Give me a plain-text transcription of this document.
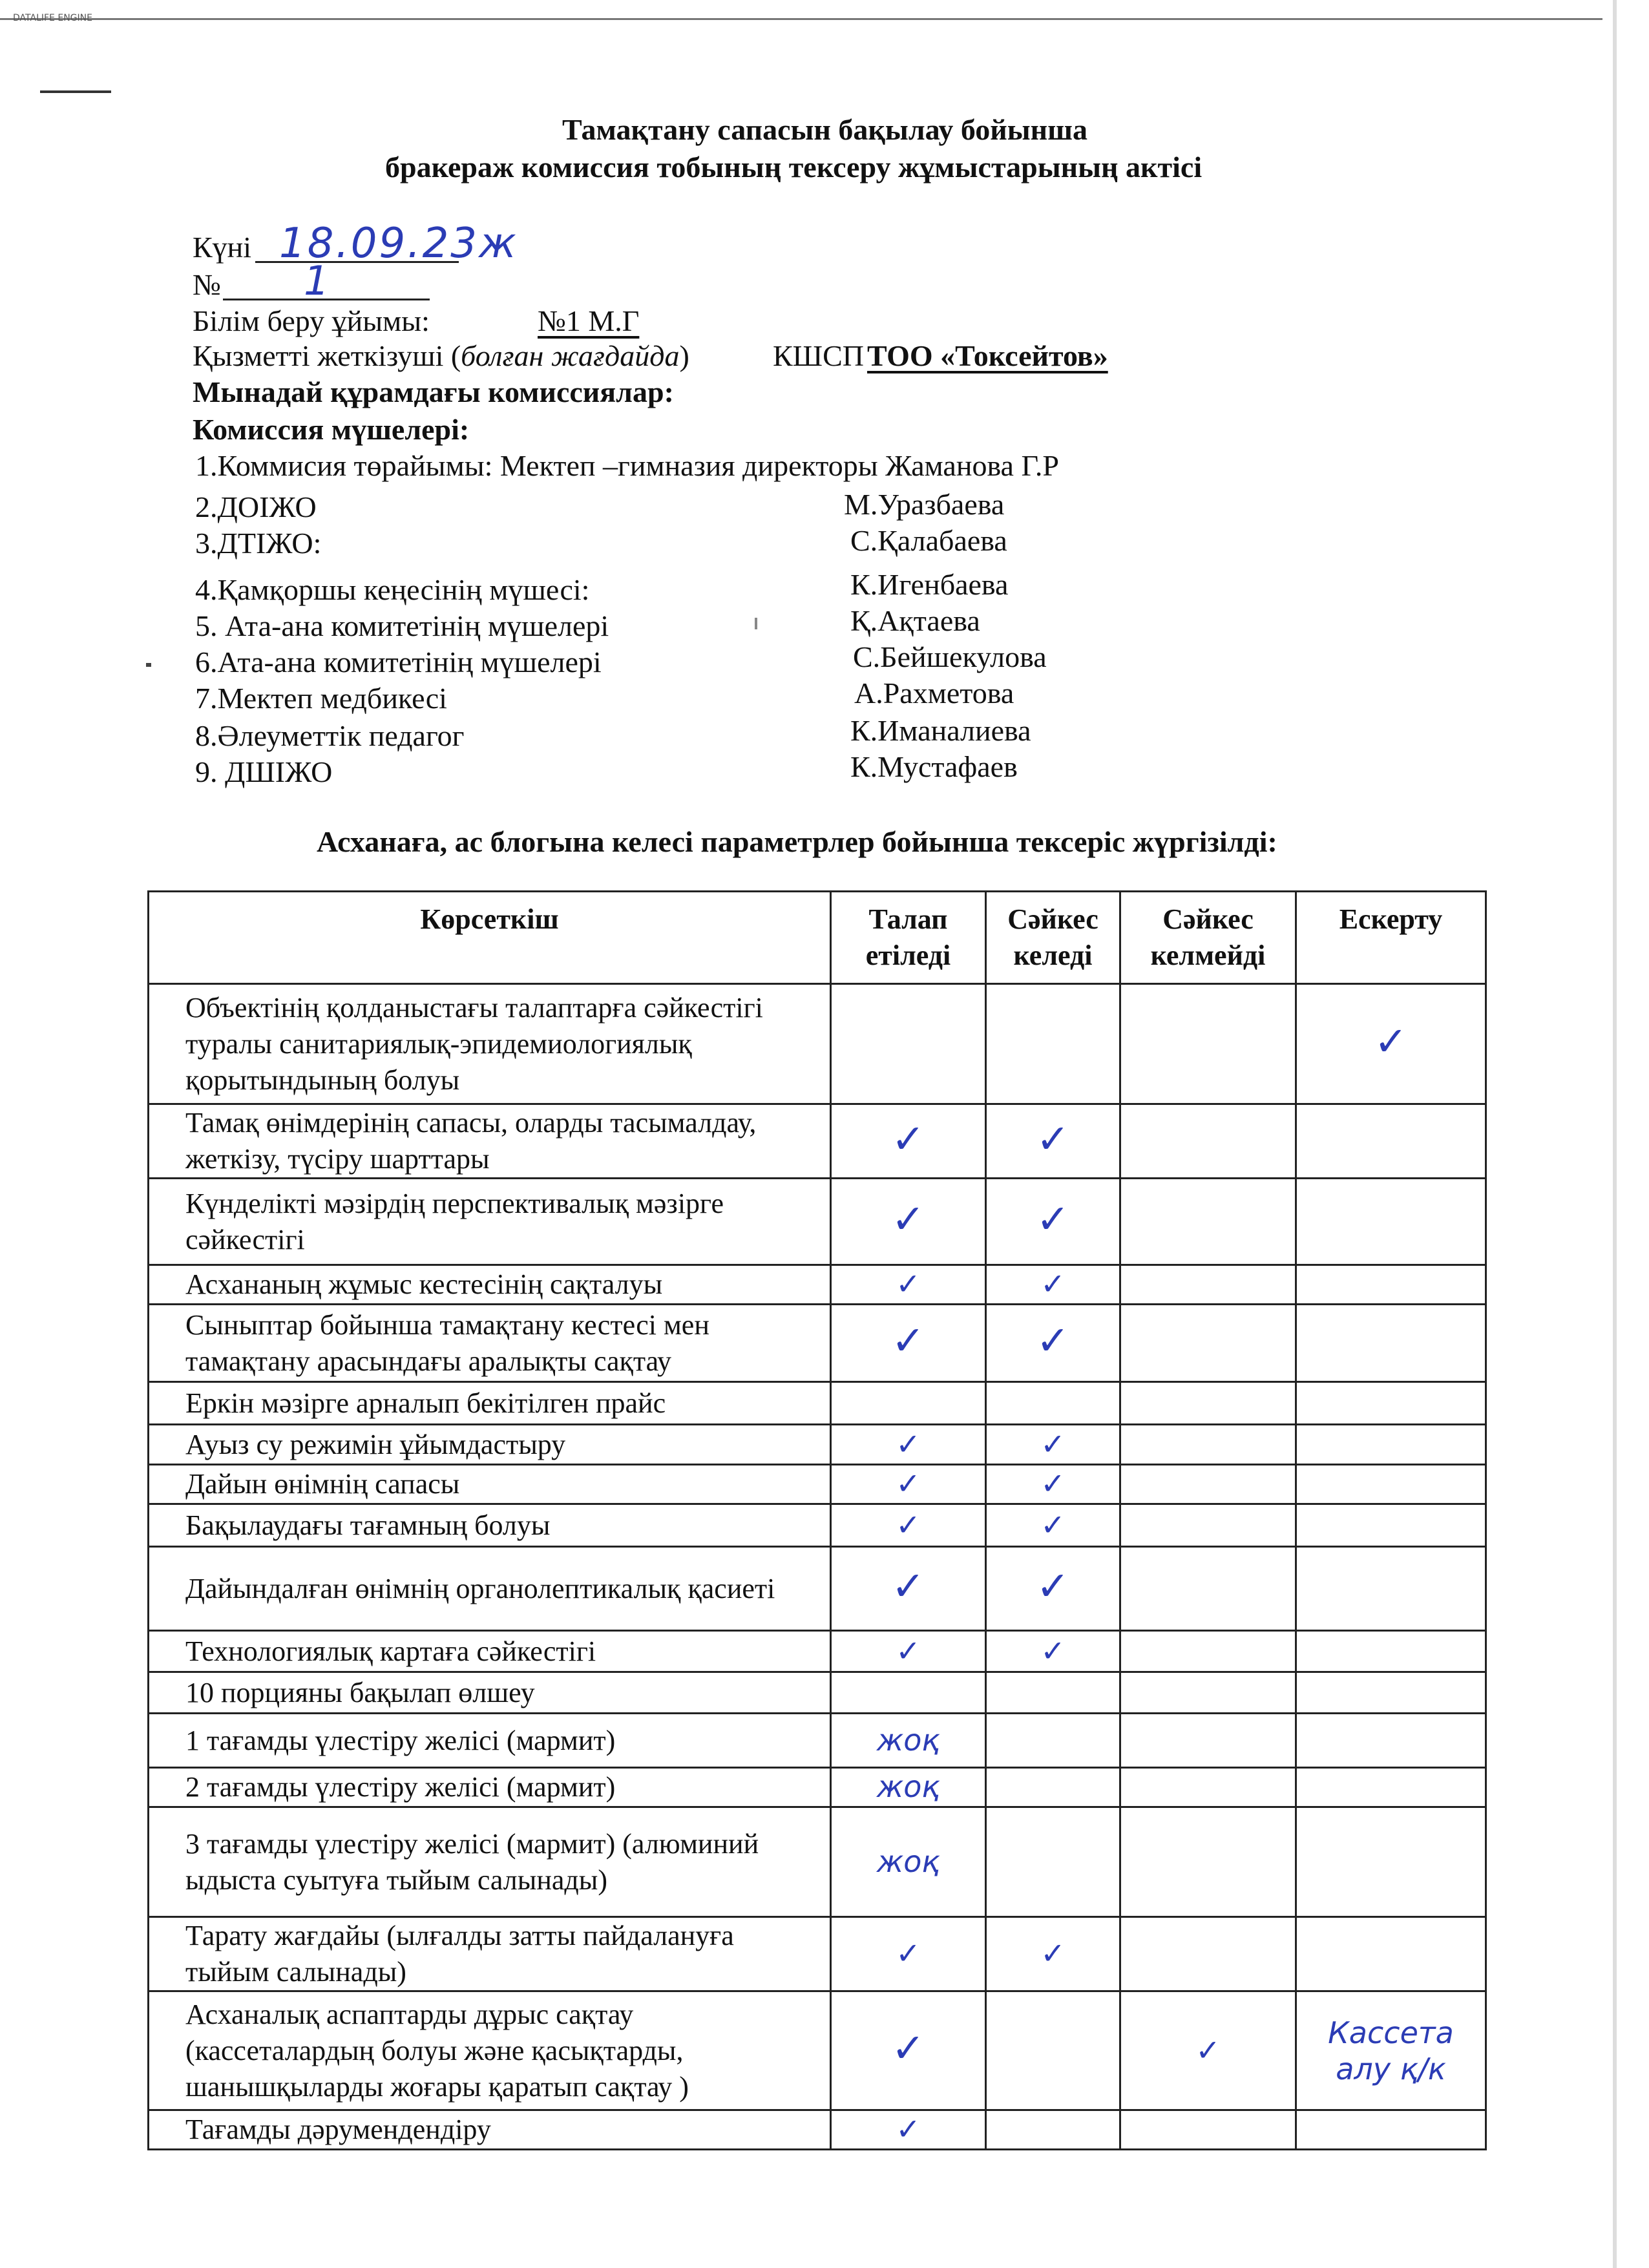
DATALIFE ENGINE
Тамақтану сапасын бақылау бойынша
бракераж комиссия тобының тексеру жұмыстарының актісі
Күні 18.09.23ж
№ 1
Білім беру ұйымы:	№1 М.Г
Қызметті жеткізуші (болған жағдайда)	КШСП ТОО «Токсейтов»
Мынадай құрамдағы комиссиялар:
Комиссия мүшелері:
1.Коммисия төрайымы: Мектеп –гимназия директоры Жаманова Г.Р
2.ДОІЖО	М.Уразбаева
3.ДТІЖО:	С.Қалабаева
4.Қамқоршы кеңесінің мүшесі:	К.Игенбаева
5. Ата-ана комитетінің мүшелері	Қ.Ақтаева
6.Ата-ана комитетінің мүшелері	С.Бейшекулова
7.Мектеп медбикесі	А.Рахметова
8.Әлеуметтік педагог	К.Иманалиева
9. ДШІЖО	К.Мустафаев
Асханаға, ас блогына келесі параметрлер бойынша тексеріс жүргізілді:
Көрсеткіш	Талап етіледі	Сәйкес келеді	Сәйкес келмейді	Ескерту
Объектінің қолданыстағы талаптарға сәйкестігі туралы санитариялық-эпидемиологиялық қорытындының болуы				✓
Тамақ өнімдерінің сапасы, оларды тасымалдау, жеткізу, түсіру шарттары	✓	✓		
Күнделікті мәзірдің перспективалық мәзірге сәйкестігі	✓	✓		
Асхананың жұмыс кестесінің сақталуы	✓	✓		
Сыныптар бойынша тамақтану кестесі мен тамақтану арасындағы аралықты сақтау	✓	✓		
Еркін мәзірге арналып бекітілген прайс				
Ауыз су режимін ұйымдастыру	✓	✓		
Дайын өнімнің сапасы	✓	✓		
Бақылаудағы тағамның болуы	✓	✓		
Дайындалған өнімнің органолептикалық қасиеті	✓	✓		
Технологиялық картаға сәйкестігі	✓	✓		
10 порцияны бақылап өлшеу				
1 тағамды үлестіру желісі (мармит)	жоқ			
2 тағамды үлестіру желісі (мармит)	жоқ			
3 тағамды үлестіру желісі (мармит) (алюминий ыдыста суытуға тыйым салынады)	жоқ			
Тарату жағдайы (ылғалды затты пайдалануға тыйым салынады)	✓	✓		
Асханалық аспаптарды дұрыс сақтау (кассеталардың болуы және қасықтарды, шанышқыларды жоғары қаратып сақтау )	✓		✓	Кассета алу қ/к

Тағамды дәрумендендіру	✓			
